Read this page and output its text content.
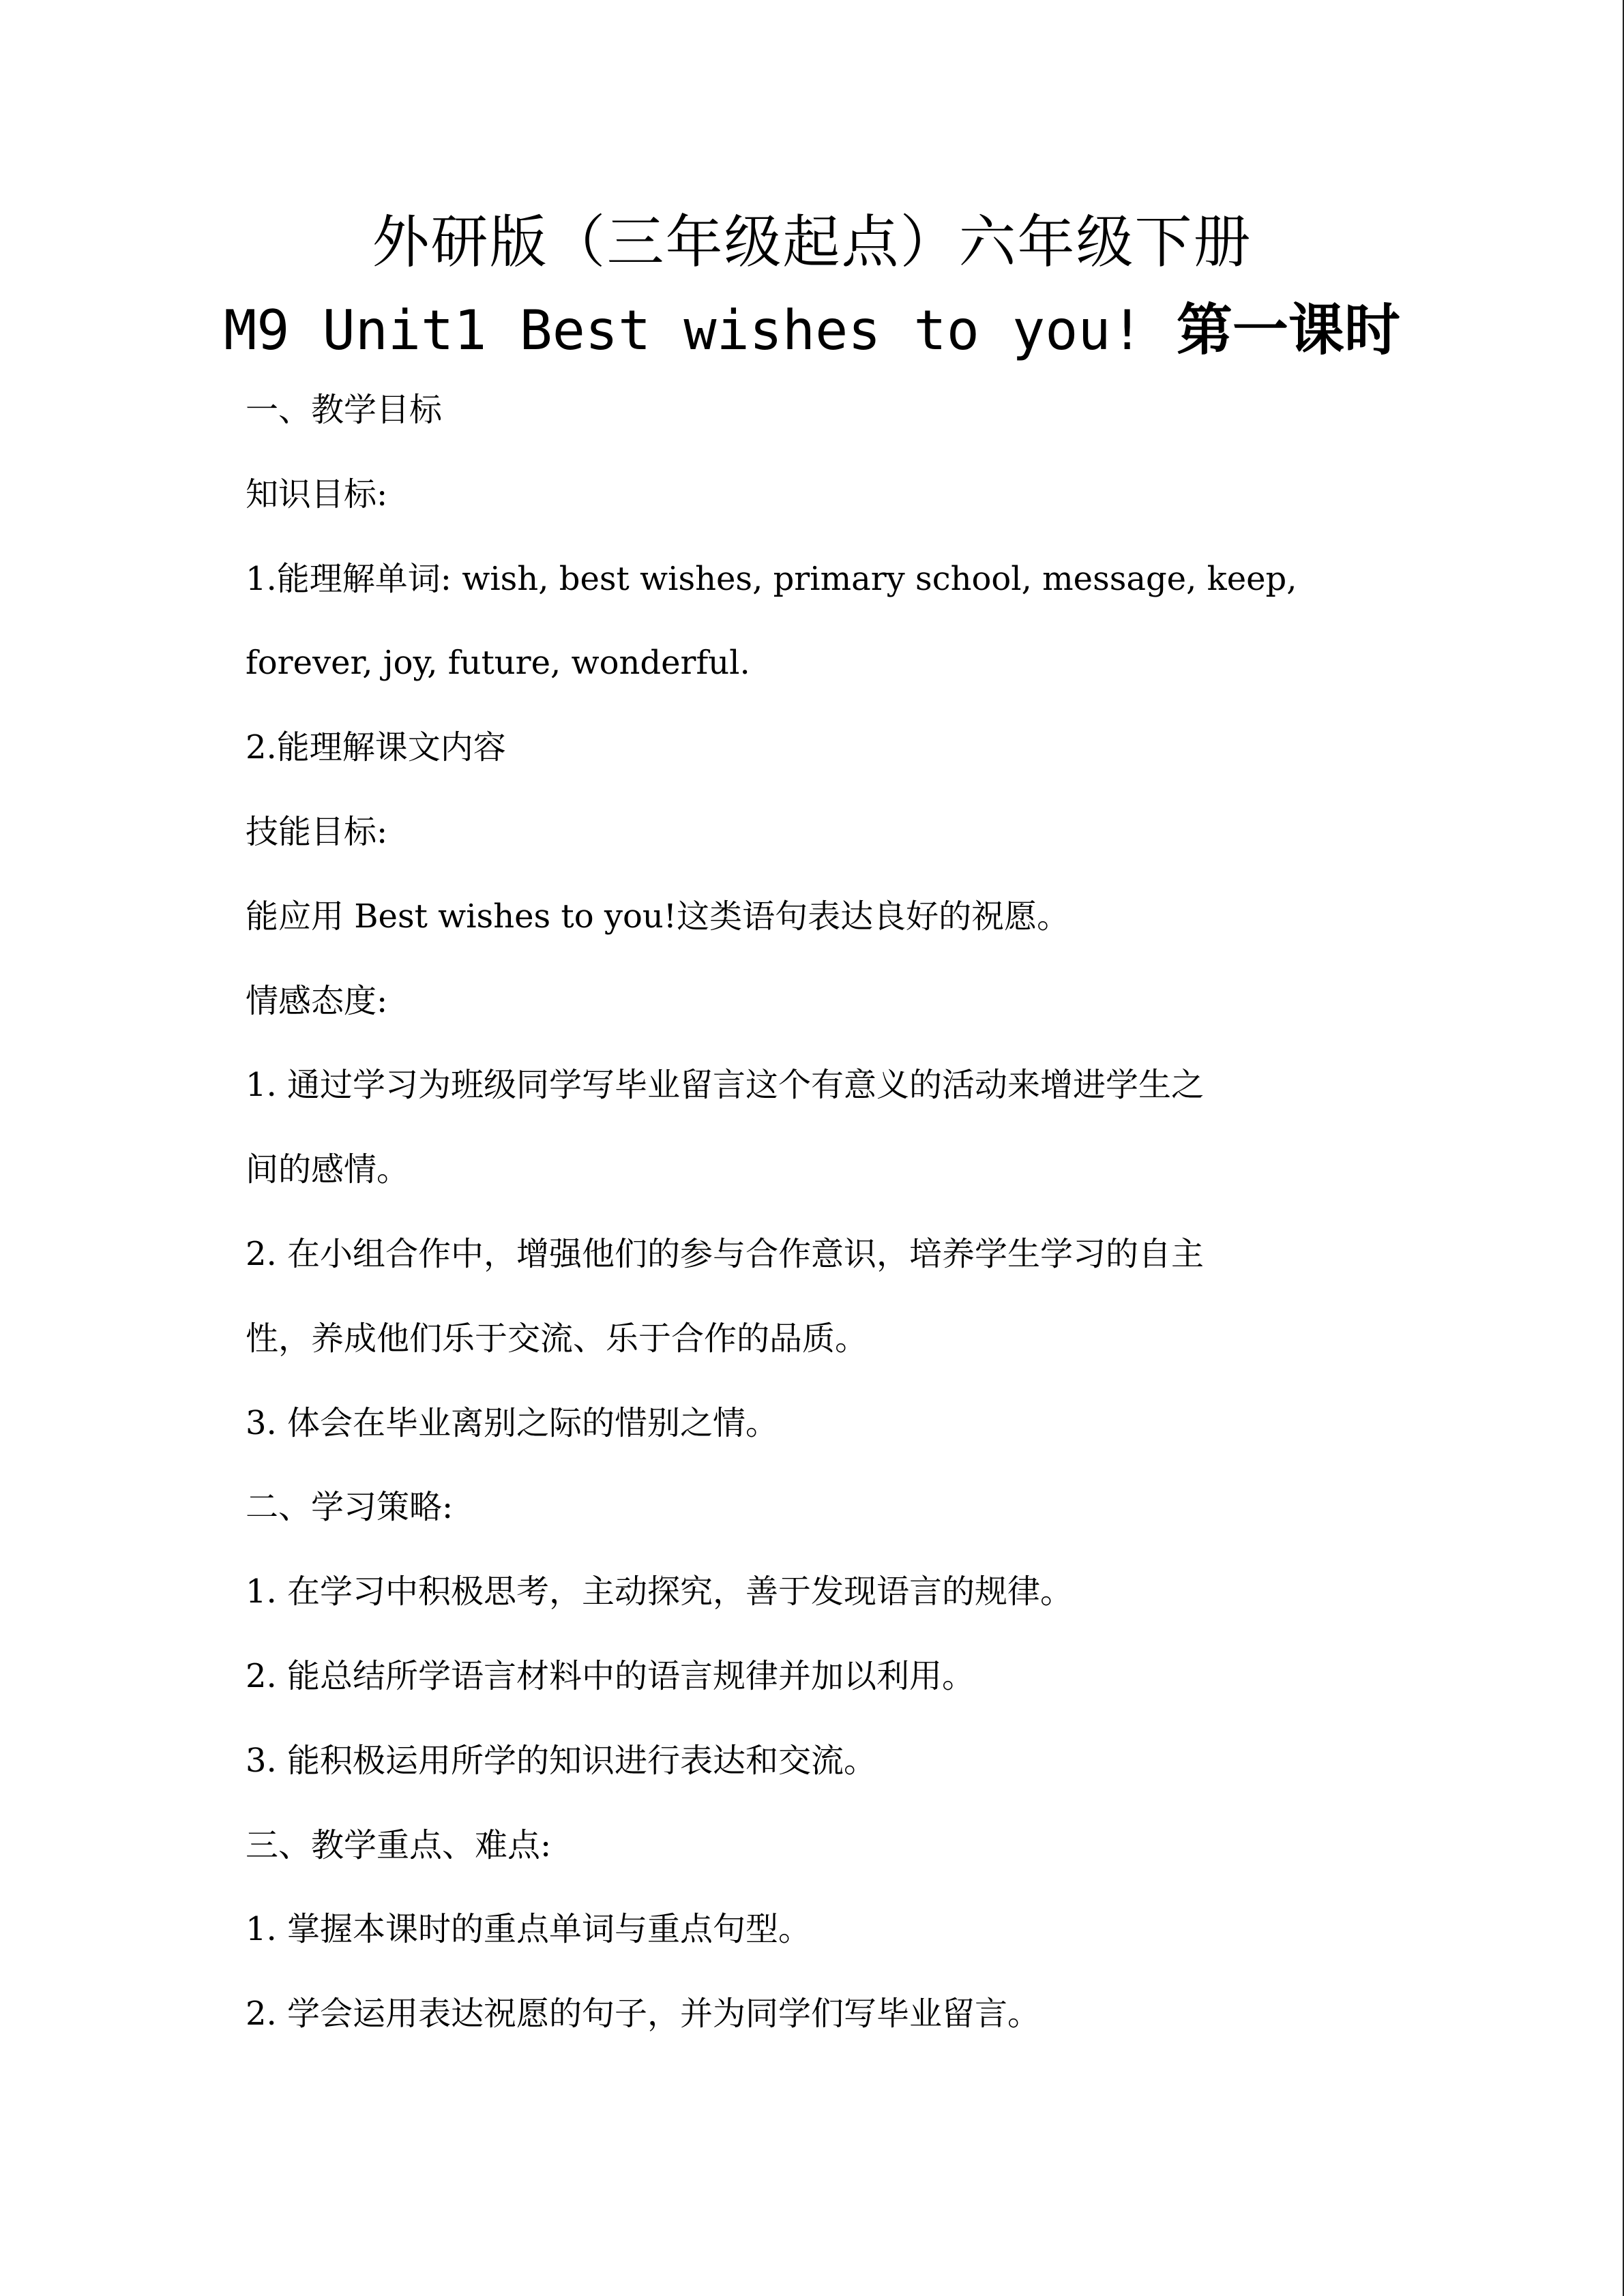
外研版（三年级起点）六年级下册

M9 Unit1 Best wishes to you! 第一课时

一、教学目标

知识目标:

1.能理解单词: wish, best wishes, primary school, message, keep,

forever, joy, future, wonderful.

2.能理解课文内容

技能目标:

能应用 Best wishes to you!这类语句表达良好的祝愿。

情感态度:

1. 通过学习为班级同学写毕业留言这个有意义的活动来增进学生之

间的感情。

2. 在小组合作中，增强他们的参与合作意识，培养学生学习的自主

性，养成他们乐于交流、乐于合作的品质。

3. 体会在毕业离别之际的惜别之情。

二、学习策略:

1. 在学习中积极思考，主动探究，善于发现语言的规律。

2. 能总结所学语言材料中的语言规律并加以利用。

3. 能积极运用所学的知识进行表达和交流。

三、教学重点、难点:

1. 掌握本课时的重点单词与重点句型。

2. 学会运用表达祝愿的句子，并为同学们写毕业留言。
